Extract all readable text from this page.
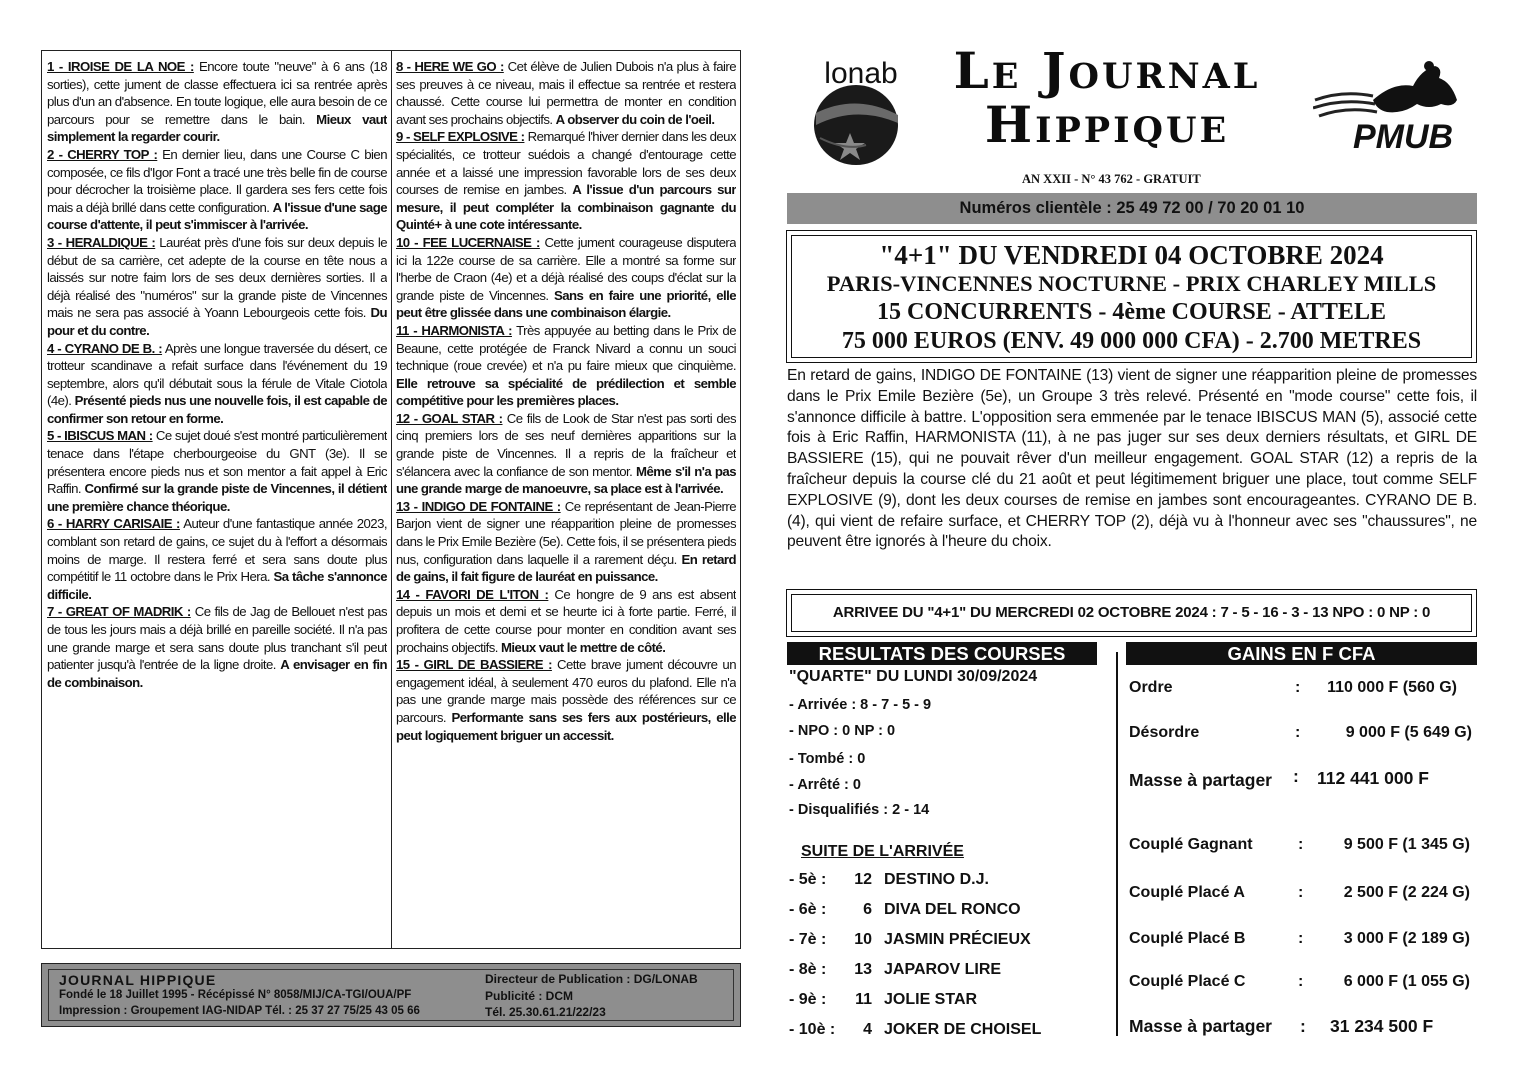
1 - IROISE DE LA NOE : Encore toute "neuve" à 6 ans (18 sorties), cette jument de classe effectuera ici sa rentrée après plus d'un an d'absence. En toute logique, elle aura besoin de ce parcours pour se remettre dans le bain. Mieux vaut simplement la regarder courir.

2 - CHERRY TOP : En dernier lieu, dans une Course C bien composée, ce fils d'Igor Font a tracé une très belle fin de course pour décrocher la troisième place. Il gardera ses fers cette fois mais a déjà brillé dans cette configuration. A l'issue d'une sage course d'attente, il peut s'immiscer à l'arrivée.

3 - HERALDIQUE : Lauréat près d'une fois sur deux depuis le début de sa carrière, cet adepte de la course en tête nous a laissés sur notre faim lors de ses deux dernières sorties. Il a déjà réalisé des "numéros" sur la grande piste de Vincennes mais ne sera pas associé à Yoann Lebourgeois cette fois. Du pour et du contre.

4 - CYRANO DE B. : Après une longue traversée du désert, ce trotteur scandinave a refait surface dans l'événement du 19 septembre, alors qu'il débutait sous la férule de Vitale Ciotola (4e). Présenté pieds nus une nouvelle fois, il est capable de confirmer son retour en forme.

5 - IBISCUS MAN : Ce sujet doué s'est montré particulièrement tenace dans l'étape cherbourgeoise du GNT (3e). Il se présentera encore pieds nus et son mentor a fait appel à Eric Raffin. Confirmé sur la grande piste de Vincennes, il détient une première chance théorique.

6 - HARRY CARISAIE : Auteur d'une fantastique année 2023, comblant son retard de gains, ce sujet du à l'effort a désormais moins de marge. Il restera ferré et sera sans doute plus compétitif le 11 octobre dans le Prix Hera. Sa tâche s'annonce difficile.

7 - GREAT OF MADRIK : Ce fils de Jag de Bellouet n'est pas de tous les jours mais a déjà brillé en pareille société. Il n'a pas une grande marge et sera sans doute plus tranchant s'il peut patienter jusqu'à l'entrée de la ligne droite. A envisager en fin de combinaison.

8 - HERE WE GO : Cet élève de Julien Dubois n'a plus à faire ses preuves à ce niveau, mais il effectue sa rentrée et restera chaussé. Cette course lui permettra de monter en condition avant ses prochains objectifs. A observer du coin de l'oeil.

9 - SELF EXPLOSIVE : Remarqué l'hiver dernier dans les deux spécialités, ce trotteur suédois a changé d'entourage cette année et a laissé une impression favorable lors de ses deux courses de remise en jambes. A l'issue d'un parcours sur mesure, il peut compléter la combinaison gagnante du Quinté+ à une cote intéressante.

10 - FEE LUCERNAISE : Cette jument courageuse disputera ici la 122e course de sa carrière. Elle a montré sa forme sur l'herbe de Craon (4e) et a déjà réalisé des coups d'éclat sur la grande piste de Vincennes. Sans en faire une priorité, elle peut être glissée dans une combinaison élargie.

11 - HARMONISTA : Très appuyée au betting dans le Prix de Beaune, cette protégée de Franck Nivard a connu un souci technique (roue crevée) et n'a pu faire mieux que cinquième. Elle retrouve sa spécialité de prédilection et semble compétitive pour les premières places.

12 - GOAL STAR : Ce fils de Look de Star n'est pas sorti des cinq premiers lors de ses neuf dernières apparitions sur la grande piste de Vincennes. Il a repris de la fraîcheur et s'élancera avec la confiance de son mentor. Même s'il n'a pas une grande marge de manoeuvre, sa place est à l'arrivée.

13 - INDIGO DE FONTAINE : Ce représentant de Jean-Pierre Barjon vient de signer une réapparition pleine de promesses dans le Prix Emile Bezière (5e). Cette fois, il se présentera pieds nus, configuration dans laquelle il a rarement déçu. En retard de gains, il fait figure de lauréat en puissance.

14 - FAVORI DE L'ITON : Ce hongre de 9 ans est absent depuis un mois et demi et se heurte ici à forte partie. Ferré, il profitera de cette course pour monter en condition avant ses prochains objectifs. Mieux vaut le mettre de côté.

15 - GIRL DE BASSIERE : Cette brave jument découvre un engagement idéal, à seulement 470 euros du plafond. Elle n'a pas une grande marge mais possède des références sur ce parcours. Performante sans ses fers aux postérieurs, elle peut logiquement briguer un accessit.

JOURNAL HIPPIQUE
Fondé le 18 Juillet 1995 - Récépissé N° 8058/MIJ/CA-TGI/OUA/PF
Impression : Groupement IAG-NIDAP Tél. : 25 37 27 75/25 43 05 66
Directeur de Publication : DG/LONAB
Publicité : DCM
Tél. 25.30.61.21/22/23
lonab	Le Journal
Hippique
AN XXII - N° 43 762 - GRATUIT
PMUB
Numéros clientèle : 25 49 72 00 / 70 20 01 10
"4+1" DU VENDREDI 04 OCTOBRE 2024
PARIS-VINCENNES NOCTURNE - PRIX CHARLEY MILLS
15 CONCURRENTS - 4ème COURSE - ATTELE
75 000 EUROS (ENV. 49 000 000 CFA) - 2.700 METRES

En retard de gains, INDIGO DE FONTAINE (13) vient de signer une réapparition pleine de promesses dans le Prix Emile Bezière (5e), un Groupe 3 très relevé. Présenté en "mode course" cette fois, il s'annonce difficile à battre. L'opposition sera emmenée par le tenace IBISCUS MAN (5), associé cette fois à Eric Raffin, HARMONISTA (11), à ne pas juger sur ses deux derniers résultats, et GIRL DE BASSIERE (15), qui ne pouvait rêver d'un meilleur engagement. GOAL STAR (12) a repris de la fraîcheur depuis la course clé du 21 août et peut légitimement briguer une place, tout comme SELF EXPLOSIVE (9), dont les deux courses de remise en jambes sont encourageantes. CYRANO DE B. (4), qui vient de refaire surface, et CHERRY TOP (2), déjà vu à l'honneur avec ses "chaussures", ne peuvent être ignorés à l'heure du choix.

ARRIVEE DU "4+1" DU MERCREDI 02 OCTOBRE 2024 : 7 - 5 - 16 - 3 - 13 NPO : 0 NP : 0
RESULTATS DES COURSES	GAINS EN F CFA
"QUARTE" DU LUNDI 30/09/2024
- Arrivée : 8 - 7 - 5 - 9
- NPO : 0 NP : 0
- Tombé : 0
- Arrêté : 0
- Disqualifiés : 2 - 14
SUITE DE L'ARRIVÉE
- 5è :	12 DESTINO D.J.
- 6è :	6 DIVA DEL RONCO
- 7è :	10 JASMIN PRÉCIEUX
- 8è :	13 JAPAROV LIRE
- 9è :	11 JOLIE STAR
- 10è :	4 JOKER DE CHOISEL
Ordre	:	110 000 F (560 G)
Désordre	:	9 000 F (5 649 G)
Masse à partager : 112 441 000 F
Couplé Gagnant	:	9 500 F (1 345 G)
Couplé Placé A	:	2 500 F (2 224 G)
Couplé Placé B	:	3 000 F (2 189 G)
Couplé Placé C	:	6 000 F (1 055 G)
Masse à partager : 31 234 500 F
